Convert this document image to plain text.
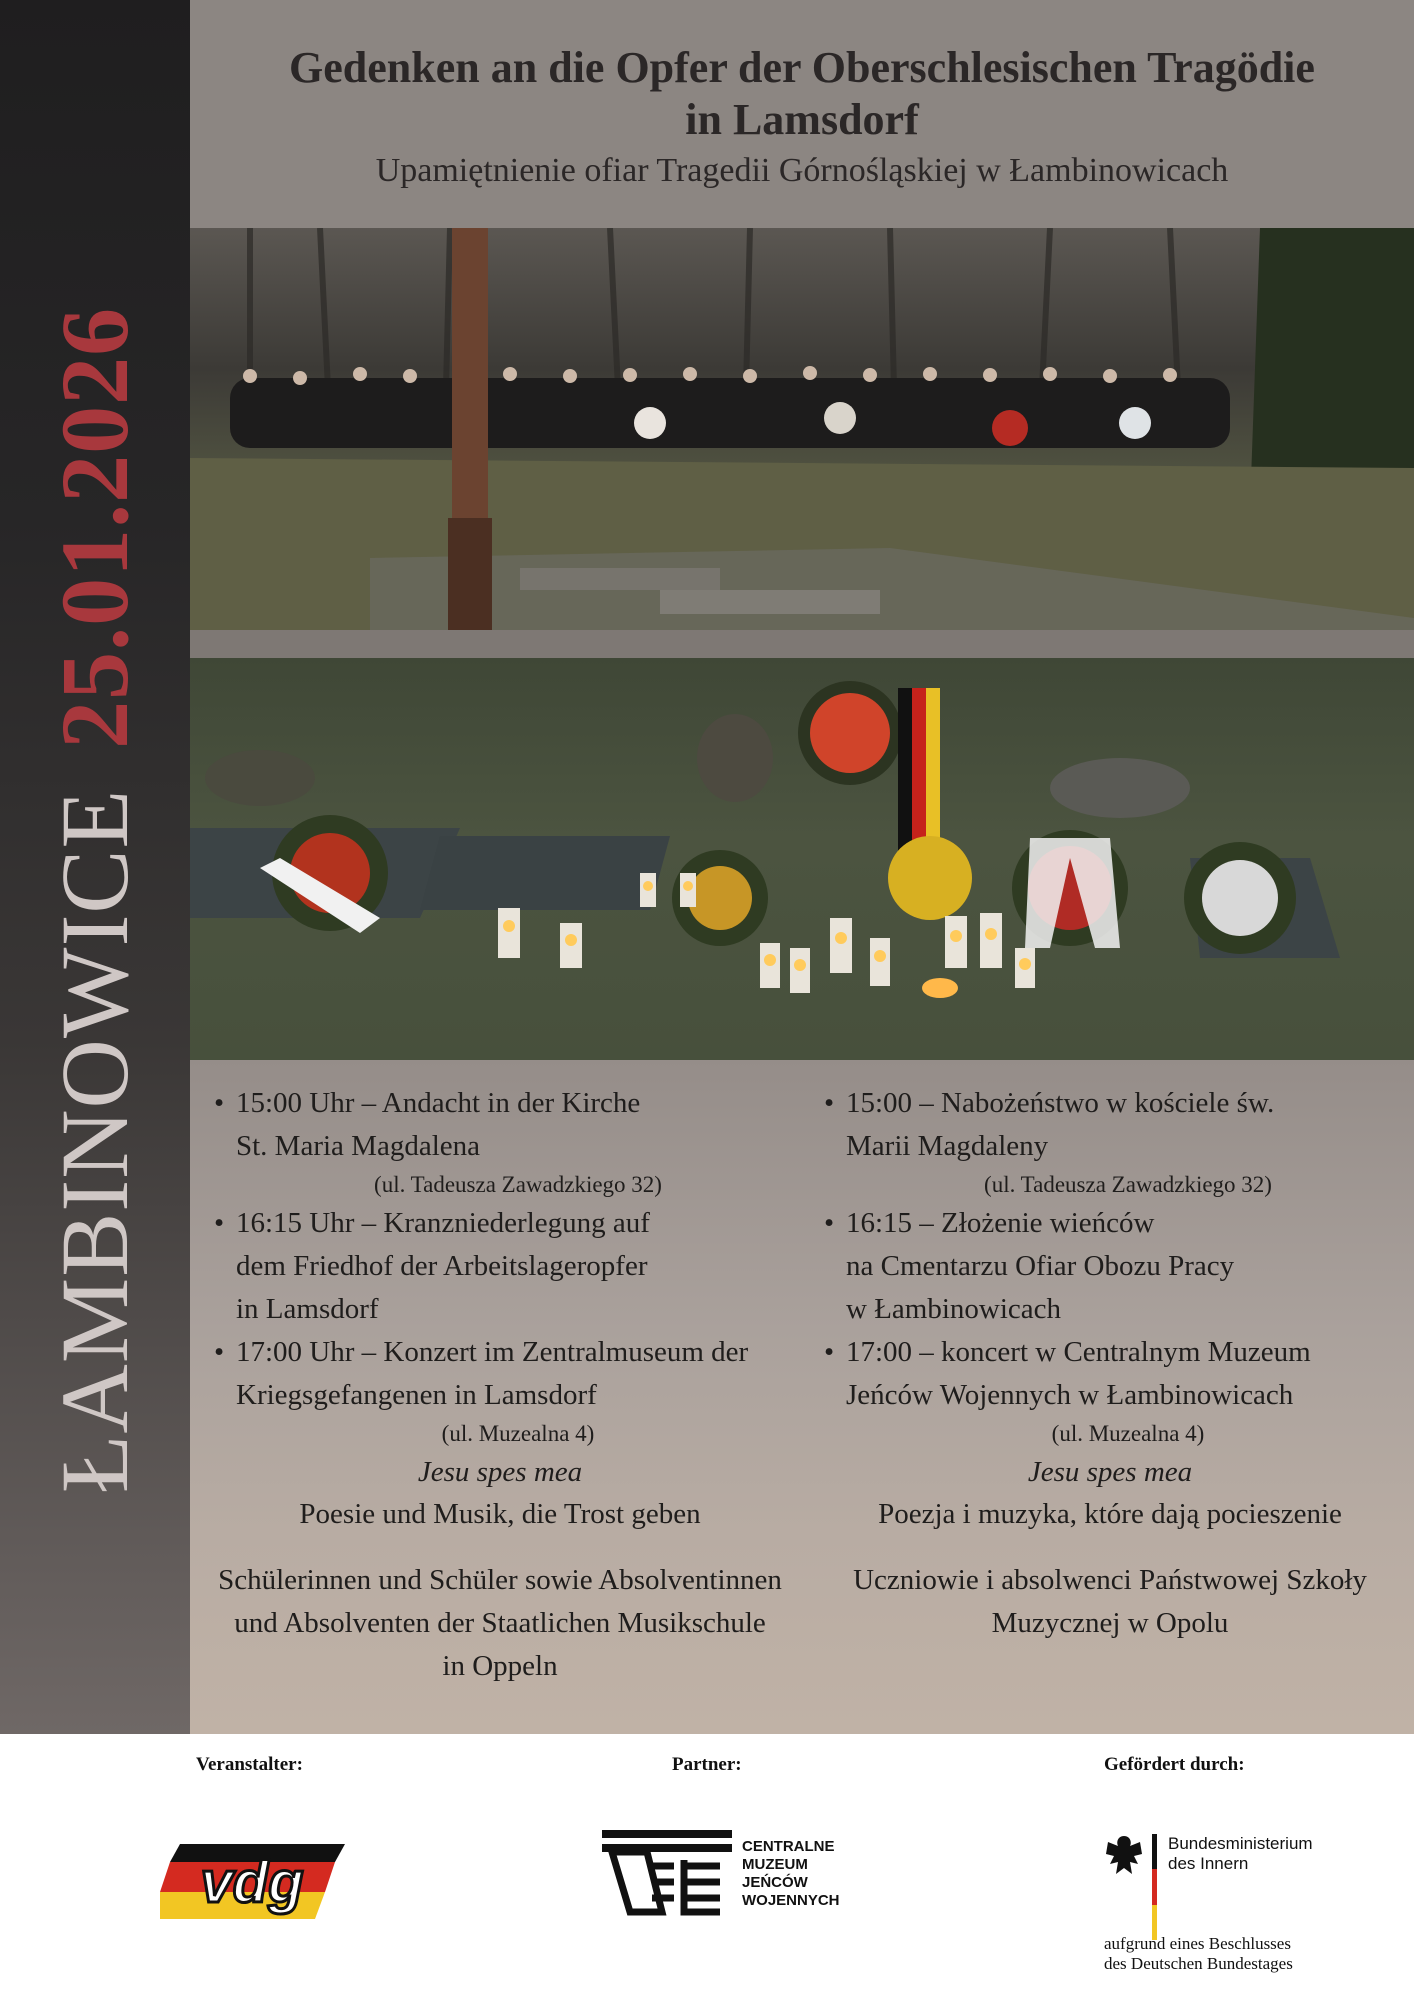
ŁAMBINOWICE25.01.2026
Gedenken an die Opfer der Oberschlesischen Tragödie
in Lamsdorf

Upamiętnienie ofiar Tragedii Górnośląskiej w Łambinowicach

• 15:00 Uhr – Andacht in der Kirche
St. Maria Magdalena
(ul. Tadeusza Zawadzkiego 32)
• 16:15 Uhr – Kranzniederlegung auf
dem Friedhof der Arbeitslageropfer
in Lamsdorf
• 17:00 Uhr – Konzert im Zentralmuseum der
Kriegsgefangenen in Lamsdorf
(ul. Muzealna 4)
Jesu spes mea
Poesie und Musik, die Trost geben
Schülerinnen und Schüler sowie Absolventinnen
und Absolventen der Staatlichen Musikschule
in Oppeln
• 15:00 – Nabożeństwo w kościele św.
Marii Magdaleny
(ul. Tadeusza Zawadzkiego 32)
• 16:15 – Złożenie wieńców
na Cmentarzu Ofiar Obozu Pracy
w Łambinowicach
• 17:00 – koncert w Centralnym Muzeum
Jeńców Wojennych w Łambinowicach
(ul. Muzealna 4)
Jesu spes mea
Poezja i muzyka, które dają pocieszenie
Uczniowie i absolwenci Państwowej Szkoły
Muzycznej w Opolu
Veranstalter:	Partner:	Gefördert durch:
vdg
CENTRALNE
MUZEUM
JEŃCÓW
WOJENNYCH
Bundesministerium
des Innern
aufgrund eines Beschlusses
des Deutschen Bundestages
